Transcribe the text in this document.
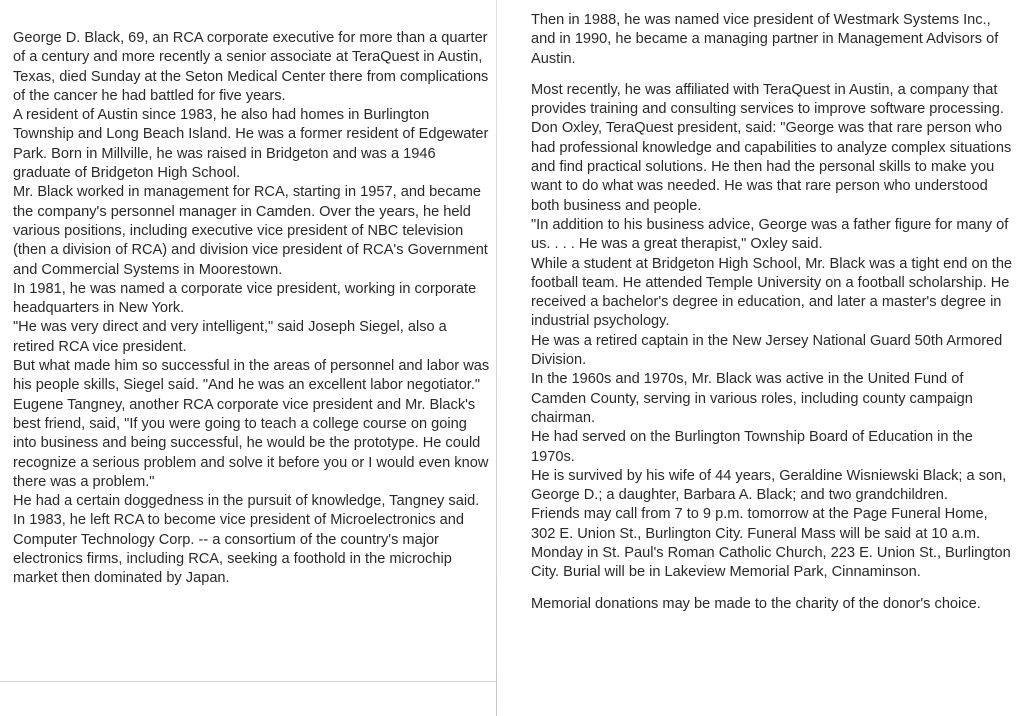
George D. Black, 69, an RCA corporate executive for more than a quarter of a century and more recently a senior associate at TeraQuest in Austin, Texas, died Sunday at the Seton Medical Center there from complications of the cancer he had battled for five years.

A resident of Austin since 1983, he also had homes in Burlington Township and Long Beach Island. He was a former resident of Edgewater Park. Born in Millville, he was raised in Bridgeton and was a 1946 graduate of Bridgeton High School.

Mr. Black worked in management for RCA, starting in 1957, and became the company's personnel manager in Camden. Over the years, he held various positions, including executive vice president of NBC television (then a division of RCA) and division vice president of RCA's Government and Commercial Systems in Moorestown.

In 1981, he was named a corporate vice president, working in corporate headquarters in New York.

"He was very direct and very intelligent," said Joseph Siegel, also a retired RCA vice president.

But what made him so successful in the areas of personnel and labor was his people skills, Siegel said. "And he was an excellent labor negotiator."

Eugene Tangney, another RCA corporate vice president and Mr. Black's best friend, said, "If you were going to teach a college course on going into business and being successful, he would be the prototype. He could recognize a serious problem and solve it before you or I would even know there was a problem."

He had a certain doggedness in the pursuit of knowledge, Tangney said.

In 1983, he left RCA to become vice president of Microelectronics and Computer Technology Corp. -- a consortium of the country's major electronics firms, including RCA, seeking a foothold in the microchip market then dominated by Japan.

Then in 1988, he was named vice president of Westmark Systems Inc., and in 1990, he became a managing partner in Management Advisors of Austin.

Most recently, he was affiliated with TeraQuest in Austin, a company that provides training and consulting services to improve software processing.

Don Oxley, TeraQuest president, said: "George was that rare person who had professional knowledge and capabilities to analyze complex situations and find practical solutions. He then had the personal skills to make you want to do what was needed. He was that rare person who understood both business and people.

"In addition to his business advice, George was a father figure for many of us. . . . He was a great therapist," Oxley said.

While a student at Bridgeton High School, Mr. Black was a tight end on the football team. He attended Temple University on a football scholarship. He received a bachelor's degree in education, and later a master's degree in industrial psychology.

He was a retired captain in the New Jersey National Guard 50th Armored Division.

In the 1960s and 1970s, Mr. Black was active in the United Fund of Camden County, serving in various roles, including county campaign chairman.

He had served on the Burlington Township Board of Education in the 1970s.

He is survived by his wife of 44 years, Geraldine Wisniewski Black; a son, George D.; a daughter, Barbara A. Black; and two grandchildren.

Friends may call from 7 to 9 p.m. tomorrow at the Page Funeral Home, 302 E. Union St., Burlington City. Funeral Mass will be said at 10 a.m. Monday in St. Paul's Roman Catholic Church, 223 E. Union St., Burlington City. Burial will be in Lakeview Memorial Park, Cinnaminson.

Memorial donations may be made to the charity of the donor's choice.
